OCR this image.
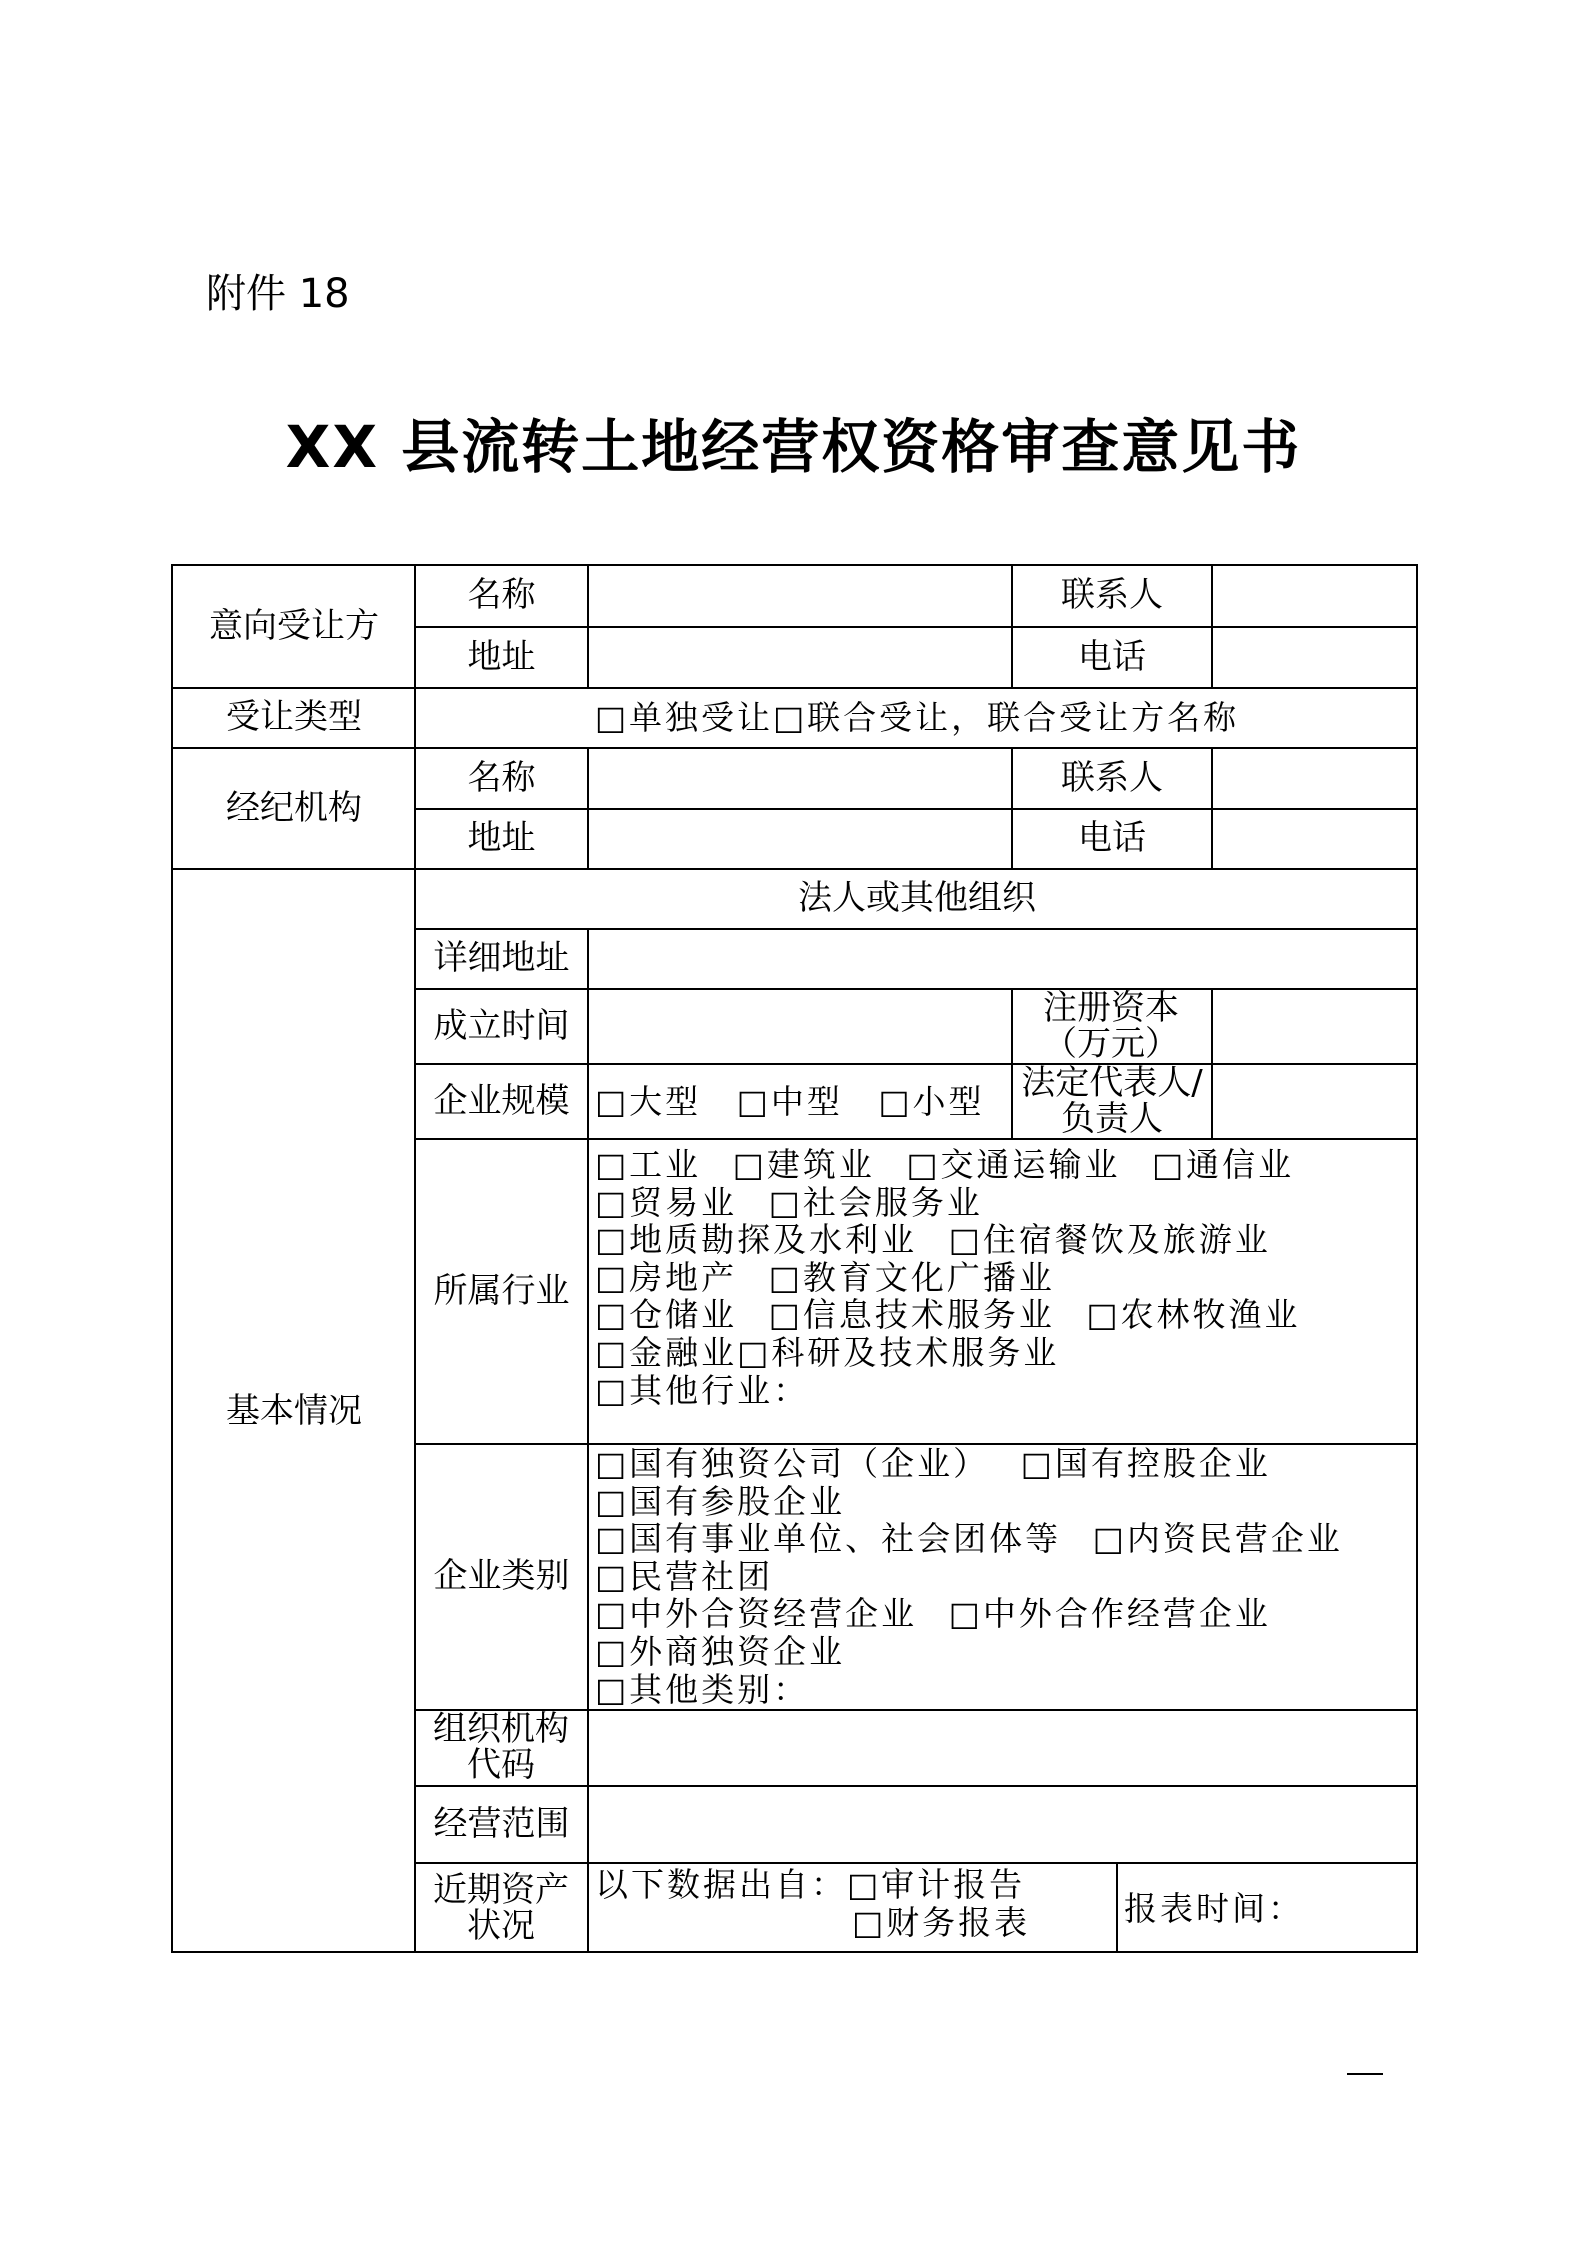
附件 18
XX 县流转土地经营权资格审查意见书
意向受让方
名称	联系人
地址	电话
受让类型	□单独受让□联合受让，联合受让方名称
经纪机构
名称	联系人
地址	电话
基本情况
法人或其他组织
详细地址
成立时间	注册资本（万元）
企业规模 □大型 □中型 □小型	法定代表人/负责人
所属行业
□工业 □建筑业 □交通运输业 □通信业
□贸易业 □社会服务业
□地质勘探及水利业 □住宿餐饮及旅游业
□房地产 □教育文化广播业
□仓储业 □信息技术服务业 □农林牧渔业
□金融业□科研及技术服务业
□其他行业：
企业类别
□国有独资公司（企业） □国有控股企业
□国有参股企业
□国有事业单位、社会团体等 □内资民营企业
□民营社团
□中外合资经营企业 □中外合作经营企业
□外商独资企业
□其他类别：
组织机构代码
经营范围
近期资产状况
以下数据出自：□审计报告
□财务报表	报表时间：
